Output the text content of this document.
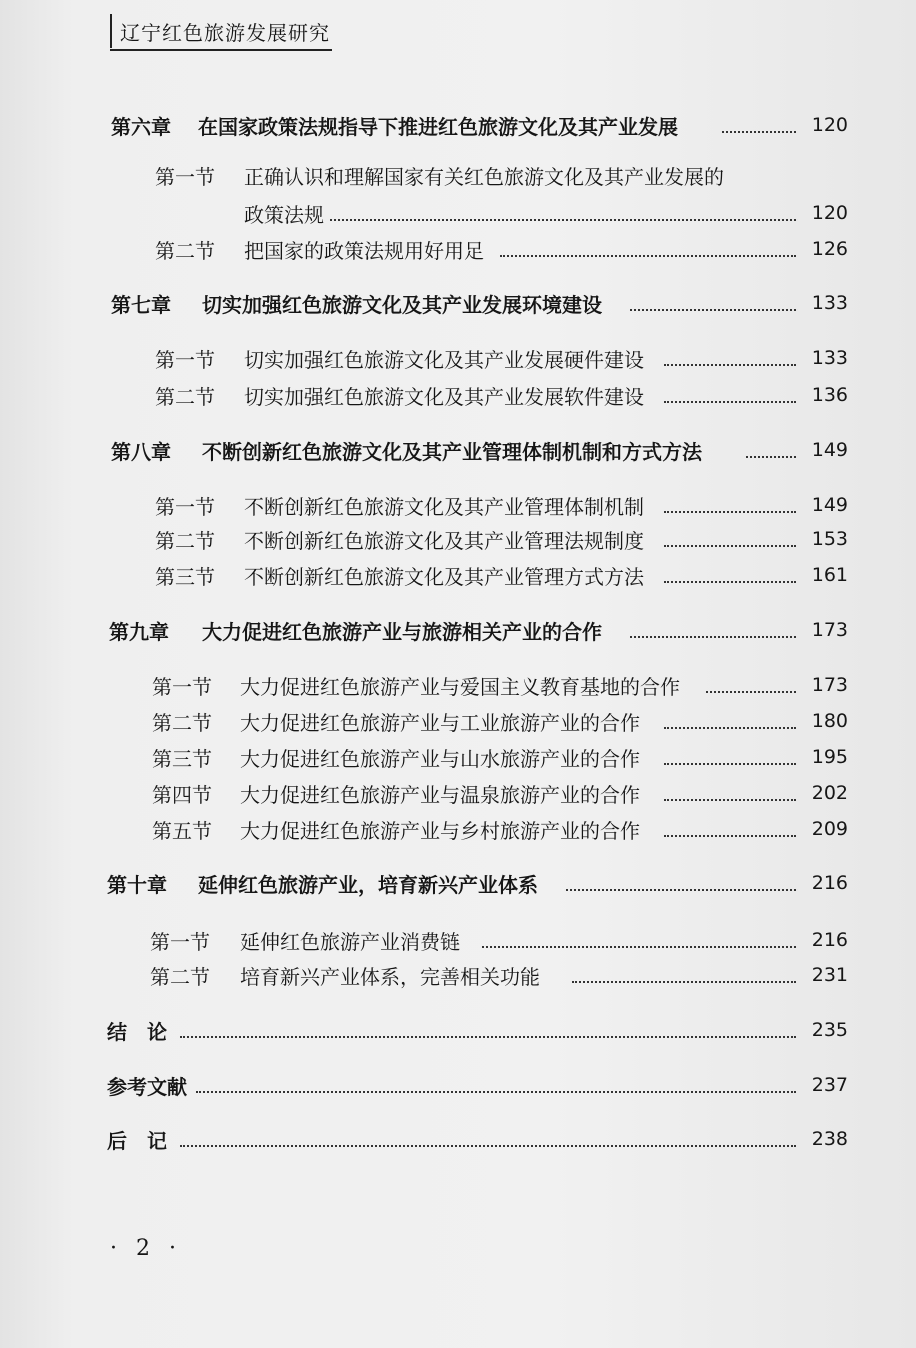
辽宁红色旅游发展研究
第六章 在国家政策法规指导下推进红色旅游文化及其产业发展	120
第一节 正确认识和理解国家有关红色旅游文化及其产业发展的
政策法规	120
第二节 把国家的政策法规用好用足	126
第七章 切实加强红色旅游文化及其产业发展环境建设	133
第一节 切实加强红色旅游文化及其产业发展硬件建设	133
第二节 切实加强红色旅游文化及其产业发展软件建设	136
第八章 不断创新红色旅游文化及其产业管理体制机制和方式方法	149
第一节 不断创新红色旅游文化及其产业管理体制机制	149
第二节 不断创新红色旅游文化及其产业管理法规制度	153
第三节 不断创新红色旅游文化及其产业管理方式方法	161
第九章 大力促进红色旅游产业与旅游相关产业的合作	173
第一节 大力促进红色旅游产业与爱国主义教育基地的合作	173
第二节 大力促进红色旅游产业与工业旅游产业的合作	180
第三节 大力促进红色旅游产业与山水旅游产业的合作	195
第四节 大力促进红色旅游产业与温泉旅游产业的合作	202
第五节 大力促进红色旅游产业与乡村旅游产业的合作	209
第十章 延伸红色旅游产业，培育新兴产业体系	216
第一节 延伸红色旅游产业消费链	216
第二节 培育新兴产业体系，完善相关功能	231
结　论	235
参考文献	237
后　记	238
· 2 ·
